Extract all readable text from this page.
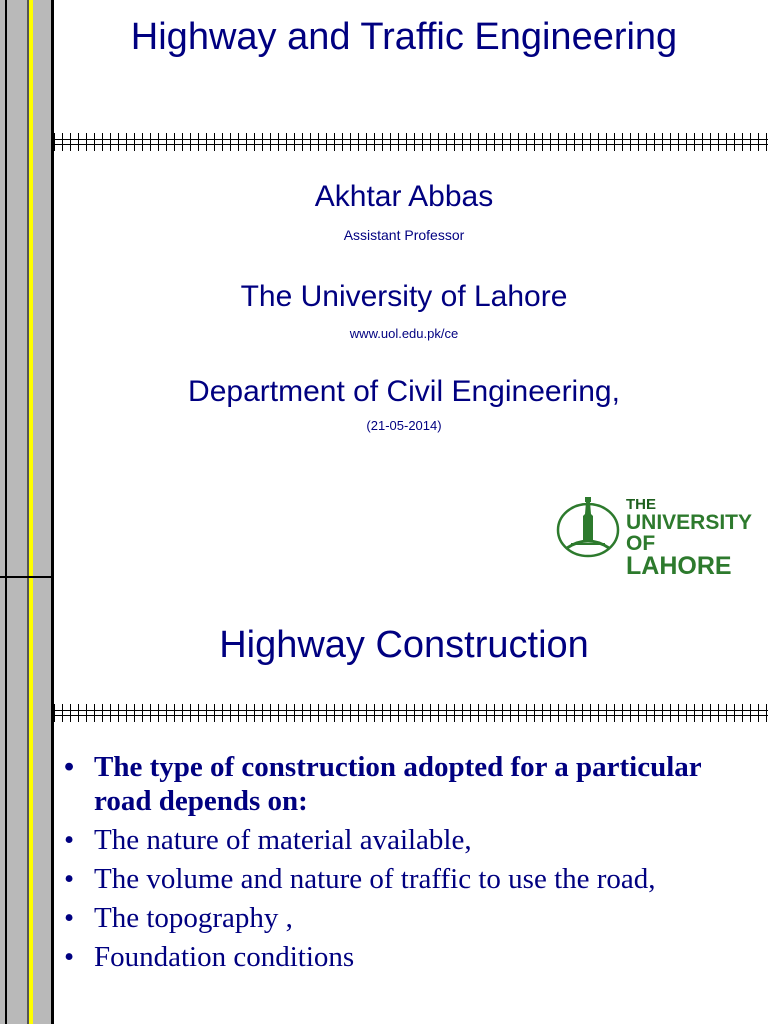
Highway and Traffic Engineering
Akhtar Abbas
Assistant Professor
The University of Lahore
www.uol.edu.pk/ce
Department of Civil Engineering,
(21-05-2014)
THE
UNIVERSITY OF
LAHORE
Highway Construction
• The type of construction adopted for a particular road depends on:
• The nature of material available,
• The volume and nature of traffic to use the road,
• The topography ,
• Foundation conditions
